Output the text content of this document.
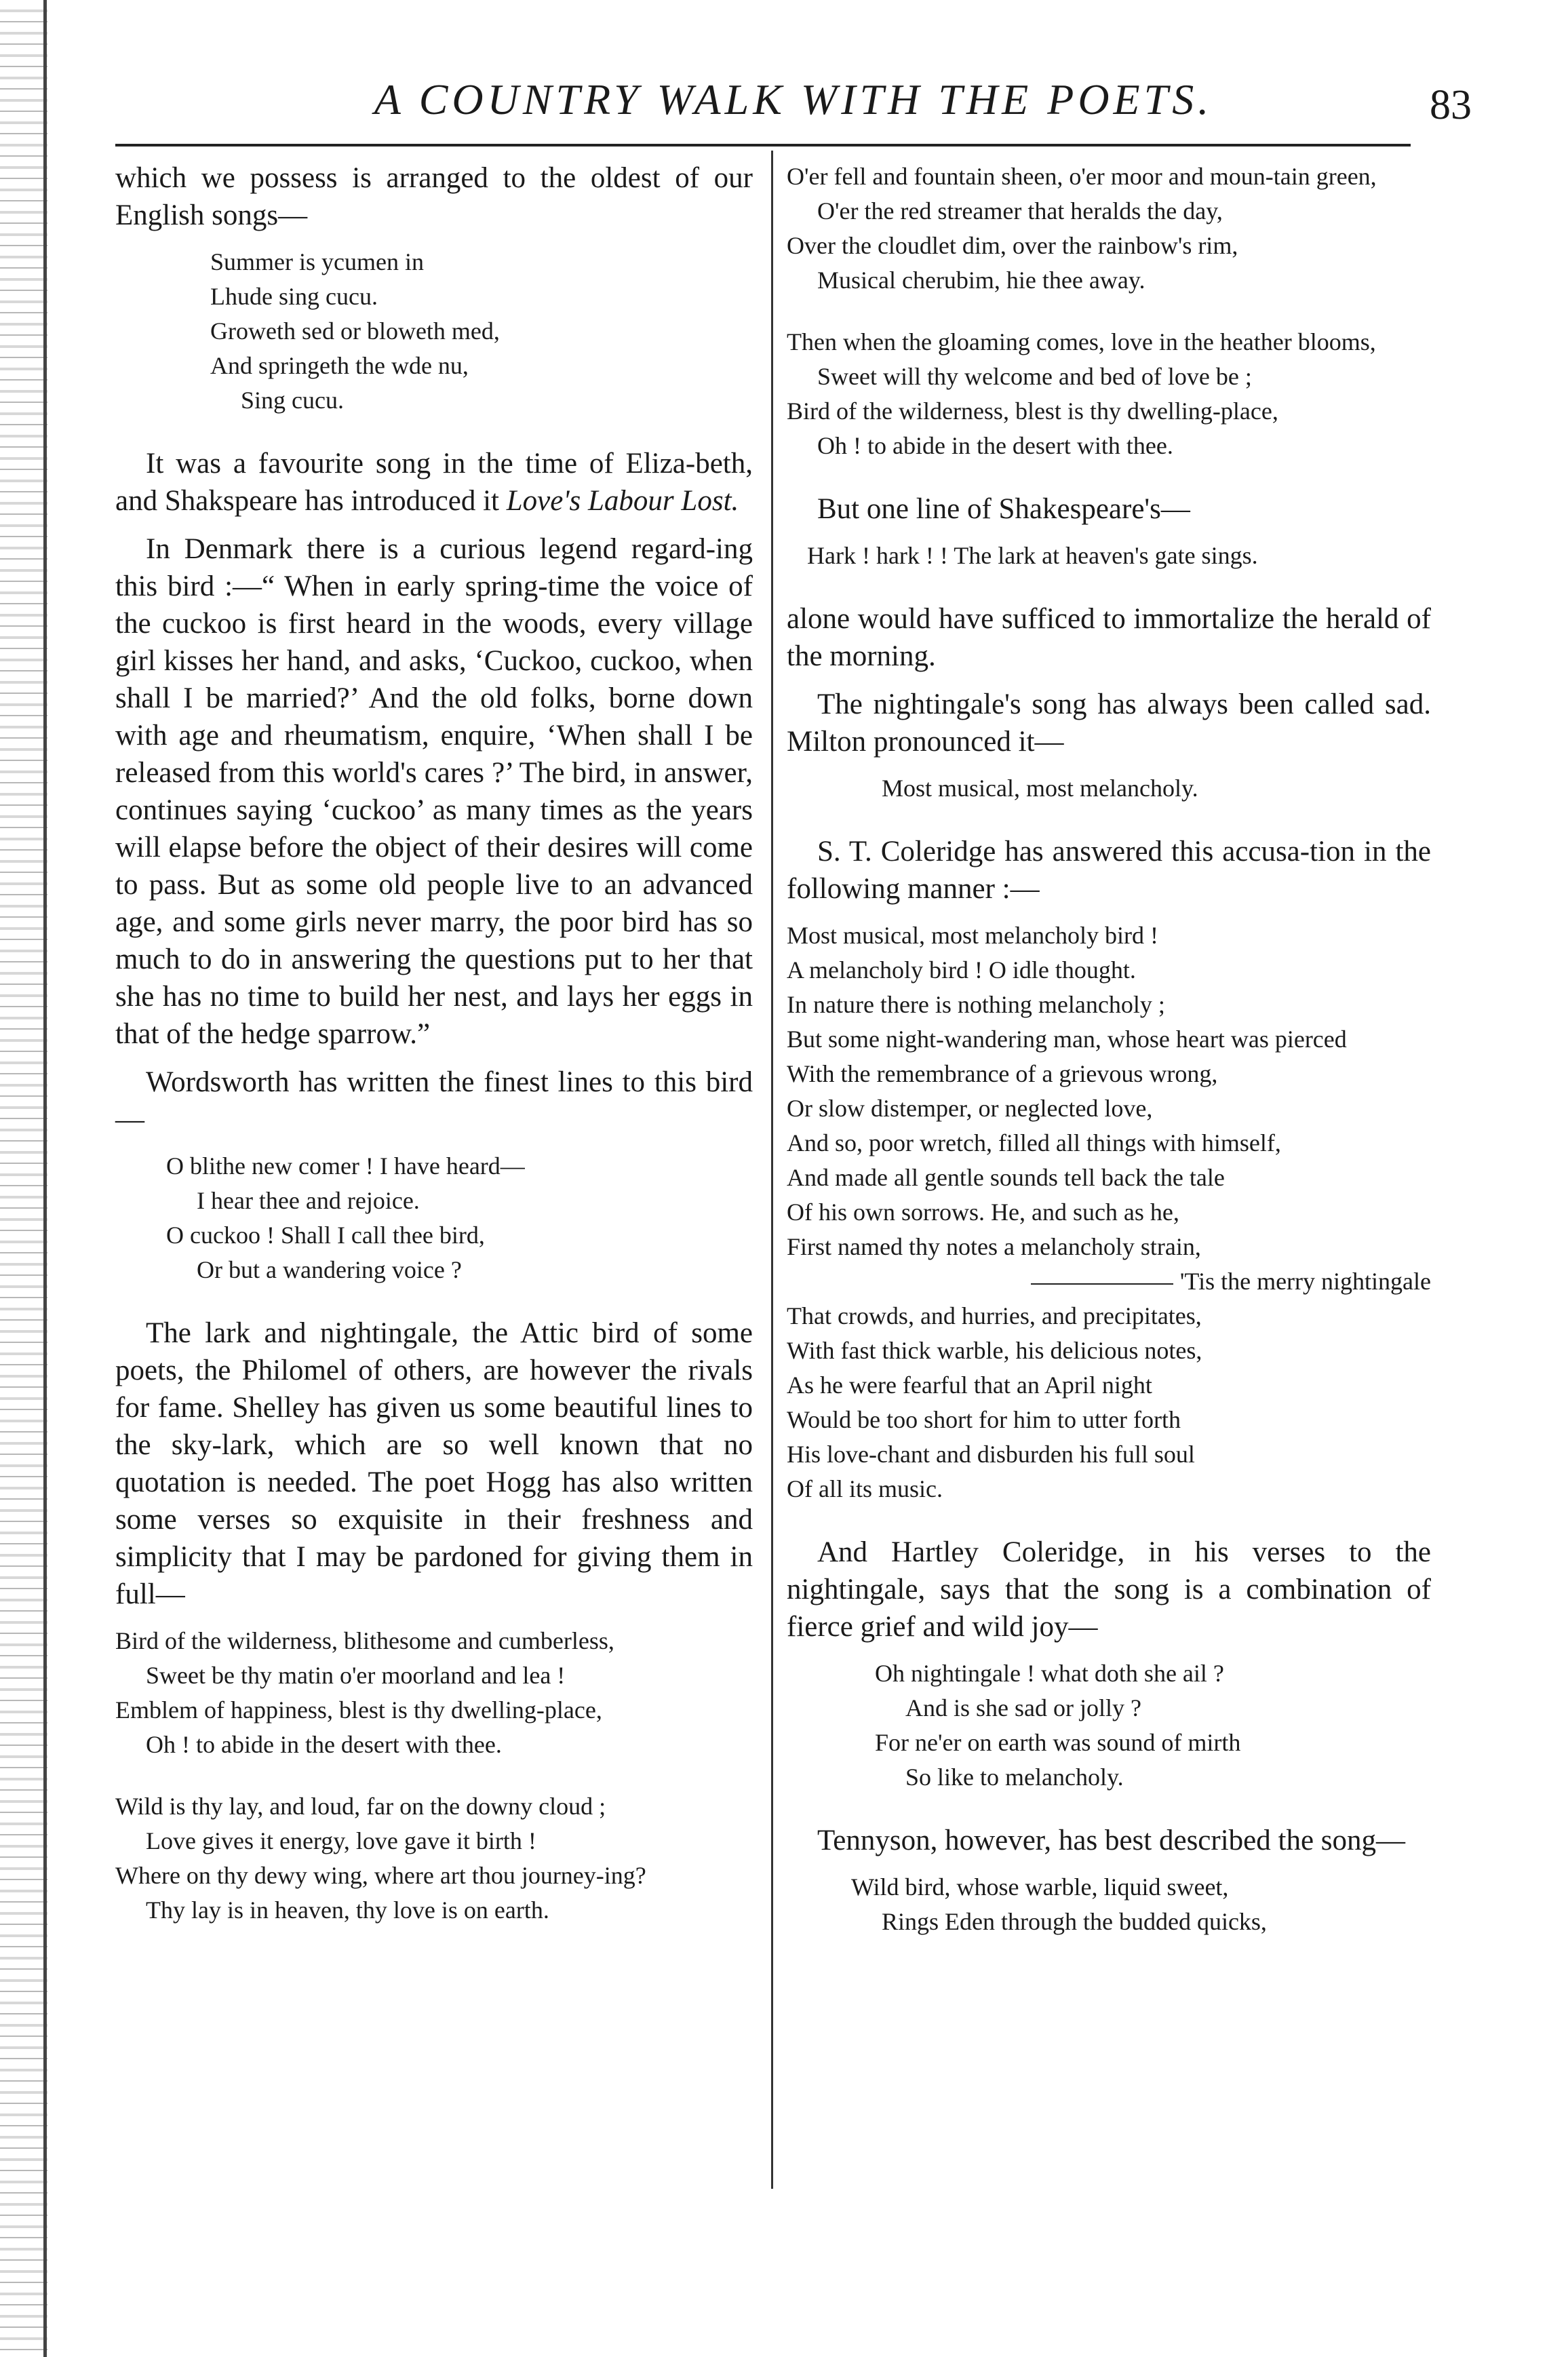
A COUNTRY WALK WITH THE POETS.	83

which we possess is arranged to the oldest of our English songs—

Summer is ycumen in
Lhude sing cucu.
Groweth sed or bloweth med,
And springeth the wde nu,
Sing cucu.

It was a favourite song in the time of Eliza-beth, and Shakspeare has introduced it Love's Labour Lost.

In Denmark there is a curious legend regard-ing this bird :—“ When in early spring-time the voice of the cuckoo is first heard in the woods, every village girl kisses her hand, and asks, ‘Cuckoo, cuckoo, when shall I be married?’ And the old folks, borne down with age and rheumatism, enquire, ‘When shall I be released from this world's cares ?’ The bird, in answer, continues saying ‘cuckoo’ as many times as the years will elapse before the object of their desires will come to pass. But as some old people live to an advanced age, and some girls never marry, the poor bird has so much to do in answering the questions put to her that she has no time to build her nest, and lays her eggs in that of the hedge sparrow.”

Wordsworth has written the finest lines to this bird—

O blithe new comer ! I have heard—
I hear thee and rejoice.
O cuckoo ! Shall I call thee bird,
Or but a wandering voice ?

The lark and nightingale, the Attic bird of some poets, the Philomel of others, are however the rivals for fame. Shelley has given us some beautiful lines to the sky-lark, which are so well known that no quotation is needed. The poet Hogg has also written some verses so exquisite in their freshness and simplicity that I may be pardoned for giving them in full—

Bird of the wilderness, blithesome and cumberless,
Sweet be thy matin o'er moorland and lea !
Emblem of happiness, blest is thy dwelling-place,
Oh ! to abide in the desert with thee.
Wild is thy lay, and loud, far on the downy cloud ;
Love gives it energy, love gave it birth !
Where on thy dewy wing, where art thou journey-ing?
Thy lay is in heaven, thy love is on earth.
O'er fell and fountain sheen, o'er moor and moun-tain green,
O'er the red streamer that heralds the day,
Over the cloudlet dim, over the rainbow's rim,
Musical cherubim, hie thee away.
Then when the gloaming comes, love in the heather blooms,
Sweet will thy welcome and bed of love be ;
Bird of the wilderness, blest is thy dwelling-place,
Oh ! to abide in the desert with thee.

But one line of Shakespeare's—

Hark ! hark ! ! The lark at heaven's gate sings.

alone would have sufficed to immortalize the herald of the morning.

The nightingale's song has always been called sad. Milton pronounced it—

Most musical, most melancholy.

S. T. Coleridge has answered this accusa-tion in the following manner :—

Most musical, most melancholy bird !
A melancholy bird ! O idle thought.
In nature there is nothing melancholy ;
But some night-wandering man, whose heart was pierced
With the remembrance of a grievous wrong,
Or slow distemper, or neglected love,
And so, poor wretch, filled all things with himself,
And made all gentle sounds tell back the tale
Of his own sorrows. He, and such as he,
First named thy notes a melancholy strain,
'Tis the merry nightingale
That crowds, and hurries, and precipitates,
With fast thick warble, his delicious notes,
As he were fearful that an April night
Would be too short for him to utter forth
His love-chant and disburden his full soul
Of all its music.

And Hartley Coleridge, in his verses to the nightingale, says that the song is a combination of fierce grief and wild joy—

Oh nightingale ! what doth she ail ?
And is she sad or jolly ?
For ne'er on earth was sound of mirth
So like to melancholy.

Tennyson, however, has best described the song—

Wild bird, whose warble, liquid sweet,
Rings Eden through the budded quicks,
